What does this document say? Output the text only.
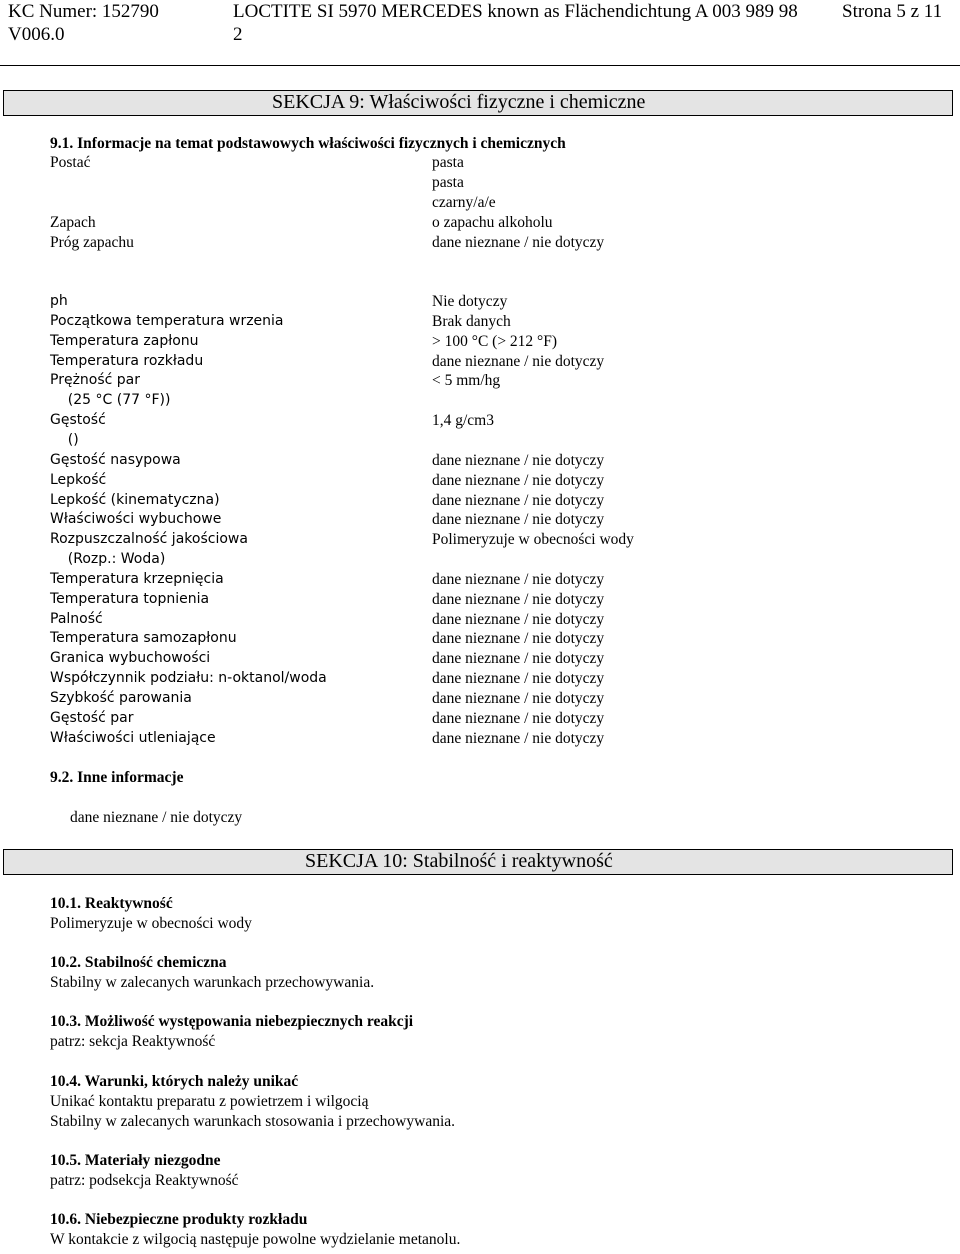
KC Numer: 152790
V006.0
LOCTITE SI 5970 MERCEDES known as Flächendichtung A 003 989 98
2
Strona 5 z 11
SEKCJA 9: Właściwości fizyczne i chemiczne
9.1. Informacje na temat podstawowych właściwości fizycznych i chemicznych
Postać	pasta
pasta
czarny/a/e
Zapach	o zapachu alkoholu
Próg zapachu	dane nieznane / nie dotyczy
ph	Nie dotyczy
Początkowa temperatura wrzenia	Brak danych
Temperatura zapłonu	> 100 °C (> 212 °F)
Temperatura rozkładu	dane nieznane / nie dotyczy
Prężność par	< 5 mm/hg
(25 °C (77 °F))
Gęstość	1,4 g/cm3
()
Gęstość nasypowa	dane nieznane / nie dotyczy
Lepkość	dane nieznane / nie dotyczy
Lepkość (kinematyczna)	dane nieznane / nie dotyczy
Właściwości wybuchowe	dane nieznane / nie dotyczy
Rozpuszczalność jakościowa	Polimeryzuje w obecności wody
(Rozp.: Woda)
Temperatura krzepnięcia	dane nieznane / nie dotyczy
Temperatura topnienia	dane nieznane / nie dotyczy
Palność	dane nieznane / nie dotyczy
Temperatura samozapłonu	dane nieznane / nie dotyczy
Granica wybuchowości	dane nieznane / nie dotyczy
Współczynnik podziału: n-oktanol/woda	dane nieznane / nie dotyczy
Szybkość parowania	dane nieznane / nie dotyczy
Gęstość par	dane nieznane / nie dotyczy
Właściwości utleniające	dane nieznane / nie dotyczy
9.2. Inne informacje
dane nieznane / nie dotyczy
SEKCJA 10: Stabilność i reaktywność
10.1. Reaktywność
Polimeryzuje w obecności wody
10.2. Stabilność chemiczna
Stabilny w zalecanych warunkach przechowywania.
10.3. Możliwość występowania niebezpiecznych reakcji
patrz: sekcja Reaktywność
10.4. Warunki, których należy unikać
Unikać kontaktu preparatu z powietrzem i wilgocią
Stabilny w zalecanych warunkach stosowania i przechowywania.
10.5. Materiały niezgodne
patrz: podsekcja Reaktywność
10.6. Niebezpieczne produkty rozkładu
W kontakcie z wilgocią następuje powolne wydzielanie metanolu.
